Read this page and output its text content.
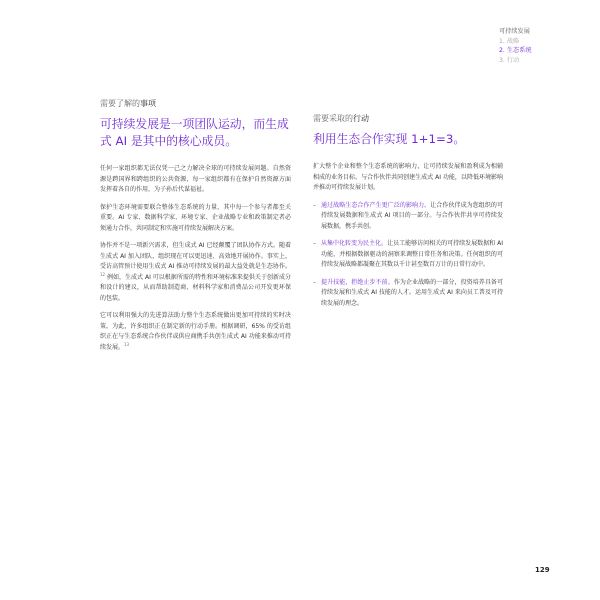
可持续发展
1. 战略
2. 生态系统
3. 行动

需要了解的事项

可持续发展是一项团队运动，而生成式 AI 是其中的核心成员。

任何一家组织都无法仅凭一己之力解决全球的可持续发展问题。自然资源是跨国界和跨组织的公共资源，每一家组织都有在保护自然资源方面发挥着各自的作用，为子孙后代谋福祉。

保护生态环境需要联合整体生态系统的力量，其中每一个参与者都至关重要。AI 专家、数据科学家、环境专家、企业战略专业和政策制定者必须通力合作，共同制定和实施可持续发展解决方案。

协作并不是一项新兴需求，但生成式 AI 已经颠覆了团队协作方式。随着生成式 AI 加入团队，组织现在可以更迅速、高效地开展协作。事实上，受访高管预计使用生成式 AI 推动可持续发展的最大益处就是生态协作。$^{12}$ 例如，生成式 AI 可以根据所需的特性和环境标准来提供关于创新成分和设计的建议，从而帮助制造商、材料科学家和消费品公司开发更环保的包装。

它可以利用强大的先进算法助力整个生态系统做出更加可持续的实时决策。为此，许多组织正在制定新的行动手册。根据调研，65% 的受访组织正在与生态系统合作伙伴或供应商携手共创生成式 AI 功能来推动可持续发展。$^{13}$

需要采取的行动

利用生态合作实现 1+1=3。

扩大整个企业和整个生态系统的影响力，让可持续发展和盈利成为相辅相成的业务目标。与合作伙伴共同创建生成式 AI 功能，以降低环境影响并推动可持续发展计划。

– 通过战略生态合作产生更广泛的影响力。让合作伙伴成为您组织的可持续发展数据和生成式 AI 项目的一部分。与合作伙伴共享可持续发展数据，携手共创。
– 从集中化转变为民主化。让员工能够访问相关的可持续发展数据和 AI 功能，并根据数据驱动的洞察来调整日常任务和决策。任何组织的可持续发展战略都凝聚在其数以千计甚至数百万计的日常行动中。
– 提升技能，拒绝止步不前。作为企业战略的一部分，投资培养具备可持续发展和生成式 AI 技能的人才。运用生成式 AI 来向员工普及可持续发展的理念。
129
